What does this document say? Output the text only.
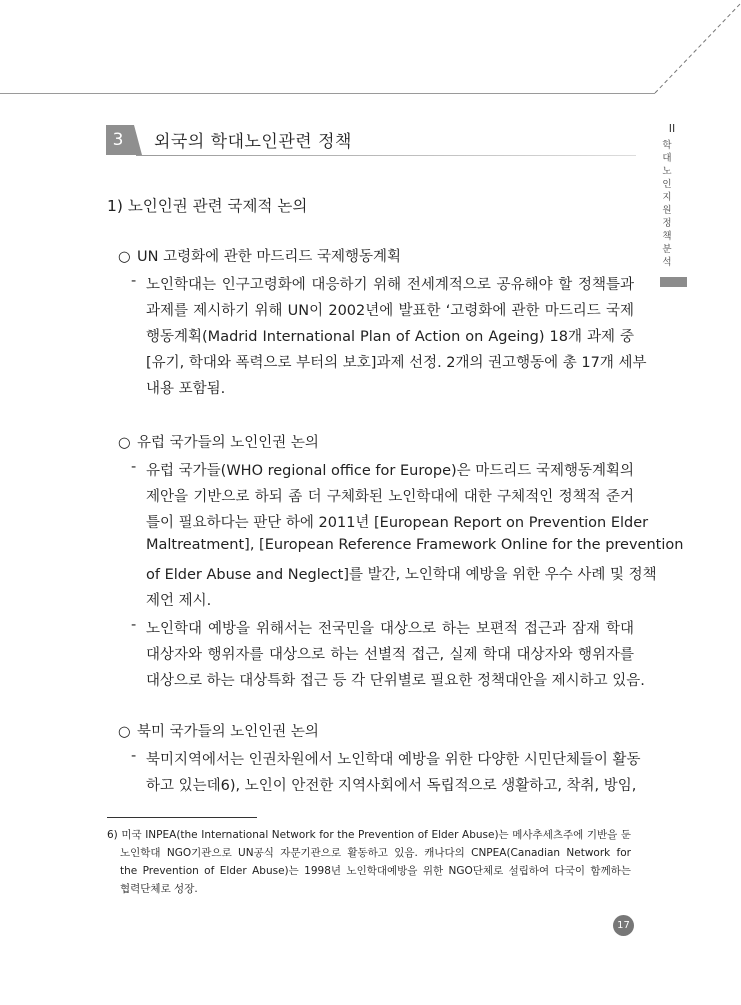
3	외국의 학대노인관련 정책
II
학대노인 지원 정책 분석
1) 노인인권 관련 국제적 논의
○ UN 고령화에 관한 마드리드 국제행동계획
- 노인학대는 인구고령화에 대응하기 위해 전세계적으로 공유해야 할 정책틀과
과제를 제시하기 위해 UN이 2002년에 발표한 ‘고령화에 관한 마드리드 국제
행동계획(Madrid International Plan of Action on Ageing) 18개 과제 중
[유기, 학대와 폭력으로 부터의 보호]과제 선정. 2개의 권고행동에 총 17개 세부
내용 포함됨.
○ 유럽 국가들의 노인인권 논의
- 유럽 국가들(WHO regional office for Europe)은 마드리드 국제행동계획의
제안을 기반으로 하되 좀 더 구체화된 노인학대에 대한 구체적인 정책적 준거
틀이 필요하다는 판단 하에 2011년 [European Report on Prevention Elder
Maltreatment], [European Reference Framework Online for the prevention
of Elder Abuse and Neglect]를 발간, 노인학대 예방을 위한 우수 사례 및 정책
제언 제시.
- 노인학대 예방을 위해서는 전국민을 대상으로 하는 보편적 접근과 잠재 학대
대상자와 행위자를 대상으로 하는 선별적 접근, 실제 학대 대상자와 행위자를
대상으로 하는 대상특화 접근 등 각 단위별로 필요한 정책대안을 제시하고 있음.
○ 북미 국가들의 노인인권 논의
- 북미지역에서는 인권차원에서 노인학대 예방을 위한 다양한 시민단체들이 활동
하고 있는데6), 노인이 안전한 지역사회에서 독립적으로 생활하고, 착취, 방임,
6) 미국 INPEA(the International Network for the Prevention of Elder Abuse)는 메사추세츠주에 기반을 둔
노인학대 NGO기관으로 UN공식 자문기관으로 활동하고 있음. 캐나다의 CNPEA(Canadian Network for
the Prevention of Elder Abuse)는 1998년 노인학대예방을 위한 NGO단체로 설립하여 다국이 함께하는
협력단체로 성장.
17
